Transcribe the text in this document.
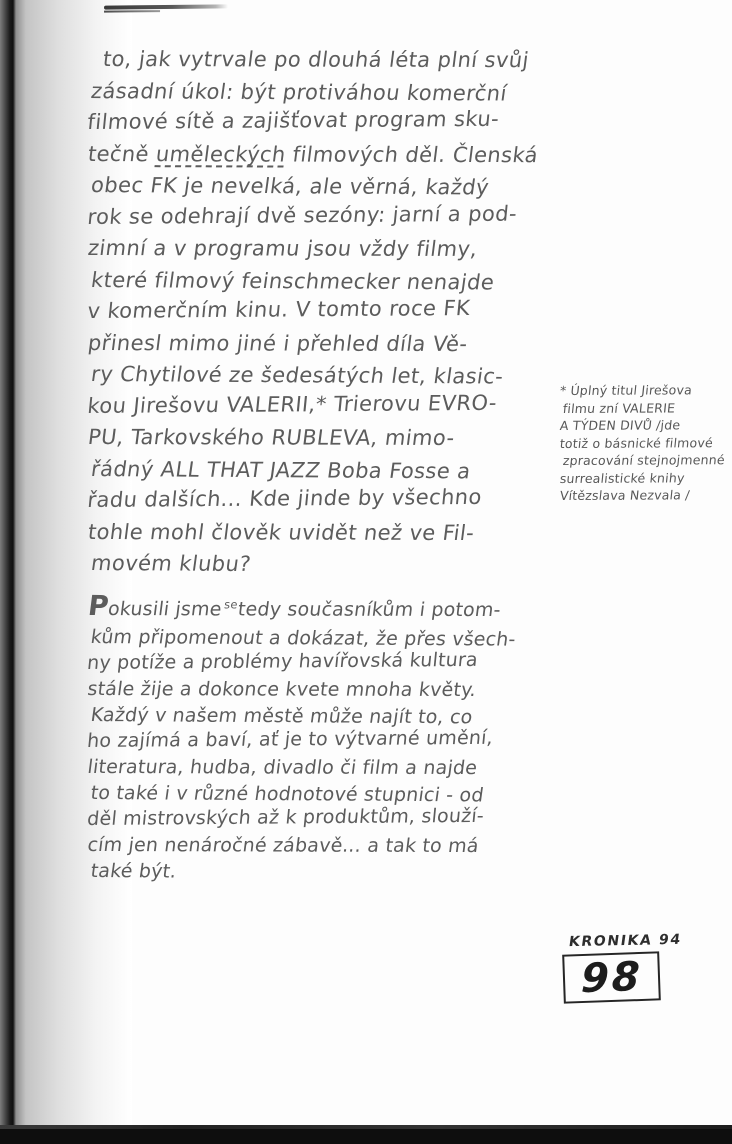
to, jak vytrvale po dlouhá léta plní svůj
zásadní úkol: být protiváhou komerční
filmové sítě a zajišťovat program sku-
tečně uměleckých filmových děl. Členská
obec FK je nevelká, ale věrná, každý
rok se odehrají dvě sezóny: jarní a pod-
zimní a v programu jsou vždy filmy,
které filmový feinschmecker nenajde
v komerčním kinu. V tomto roce FK
přinesl mimo jiné i přehled díla Vě-
ry Chytilové ze šedesátých let, klasic-
kou Jirešovu VALERII,* Trierovu EVRO-
PU, Tarkovského RUBLEVA, mimo-
řádný ALL THAT JAZZ Boba Fosse a
řadu dalších... Kde jinde by všechno
tohle mohl člověk uvidět než ve Fil-
movém klubu?
Pokusili jsme$^{se}$tedy současníkům i potom-
kům připomenout a dokázat, že přes všech-
ny potíže a problémy havířovská kultura
stále žije a dokonce kvete mnoha květy.
Každý v našem městě může najít to, co
ho zajímá a baví, ať je to výtvarné umění,
literatura, hudba, divadlo či film a najde
to také i v různé hodnotové stupnici - od
děl mistrovských až k produktům, slouží-
cím jen nenáročné zábavě... a tak to má
také být.
* Úplný titul Jirešova
filmu zní VALERIE
A TÝDEN DIVŮ /jde
totiž o básnické filmové
zpracování stejnojmenné
surrealistické knihy
Vítězslava Nezvala /
KRONIKA 94
98
